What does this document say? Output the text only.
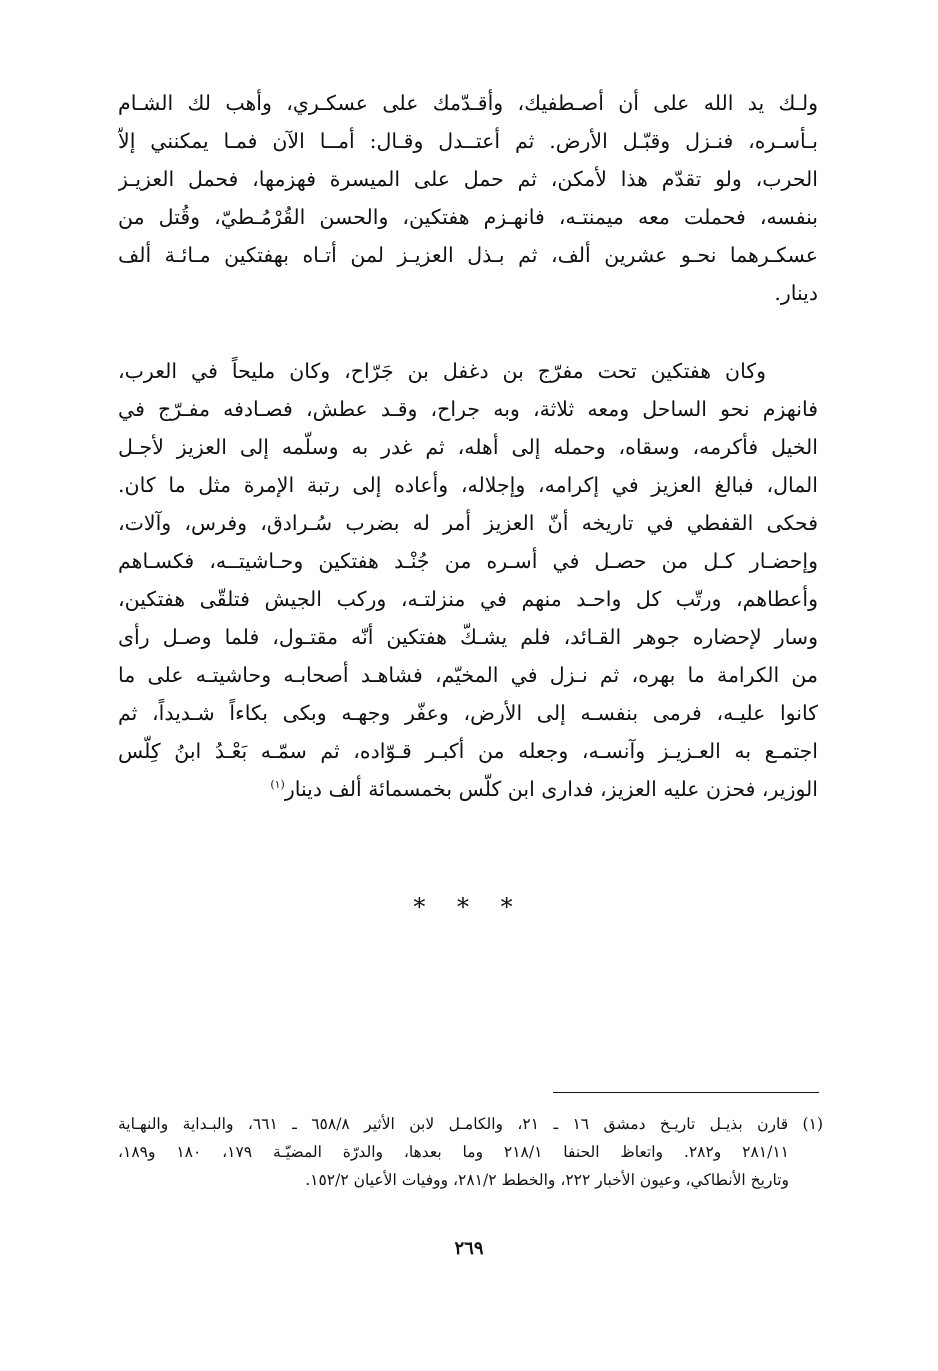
ولـك يد الله على أن أصـطفيك، وأقـدّمك على عسكـري، وأهب لك الشـام
بـأسـره، فنـزل وقبّـل الأرض. ثم أعتــدل وقـال: أمــا الآن فمـا يمكنني إلاّ
الحرب، ولو تقدّم هذا لأمكن، ثم حمل على الميسرة فهزمها، فحمل العزيـز
بنفسه، فحملت معه ميمنتـه، فانهـزم هفتكين، والحسن القُرْمُـطيّ، وقُتل من
عسكـرهما نحـو عشرين ألف، ثم بـذل العزيـز لمن أتـاه بهفتكين مـائـة ألف
دينار.
وكان هفتكين تحت مفرّج بن دغفل بن جَرّاح، وكان مليحاً في العرب،
فانهزم نحو الساحل ومعه ثلاثة، وبه جراح، وقـد عطش، فصـادفه مفـرّج في
الخيل فأكرمه، وسقاه، وحمله إلى أهله، ثم غدر به وسلّمه إلى العزيز لأجـل
المال، فبالغ العزيز في إكرامه، وإجلاله، وأعاده إلى رتبة الإمرة مثل ما كان.
فحكى القفطي في تاريخه أنّ العزيز أمر له بضرب سُـرادق، وفرس، وآلات،
وإحضـار كـل من حصـل في أسـره من جُنْـد هفتكين وحـاشيتــه، فكسـاهم
وأعطاهم، ورتّب كل واحـد منهم في منزلتـه، وركب الجيش فتلقّى هفتكين،
وسار لإحضاره جوهر القـائد، فلم يشـكّ هفتكين أنّه مقتـول، فلما وصـل رأى
من الكرامة ما بهره، ثم نـزل في المخيّم، فشاهـد أصحابـه وحاشيتـه على ما
كانوا عليـه، فرمى بنفسـه إلى الأرض، وعفّر وجهـه وبكى بكاءاً شـديداً، ثم
اجتمـع به العـزيـز وآنسـه، وجعله من أكبـر قـوّاده، ثم سمّـه بَعْـدُ ابنُ كِلّس
الوزير، فحزن عليه العزيز، فدارى ابن كلّس بخمسمائة ألف دينار$^{(١)}$
* * *
(١) قارن بذيـل تاريـخ دمشق ١٦ ـ ٢١، والكامـل لابن الأثير ٦٥٨/٨ ـ ٦٦١، والبـداية والنهـاية
٢٨١/١١ و٢٨٢. واتعاظ الحنفا ٢١٨/١ وما بعدها، والدرّة المضيّـة ١٧٩، ١٨٠ و١٨٩،
وتاريخ الأنطاكي، وعيون الأخبار ٢٢٢، والخطط ٢٨١/٢، ووفيات الأعيان ١٥٢/٢.
٢٦٩
